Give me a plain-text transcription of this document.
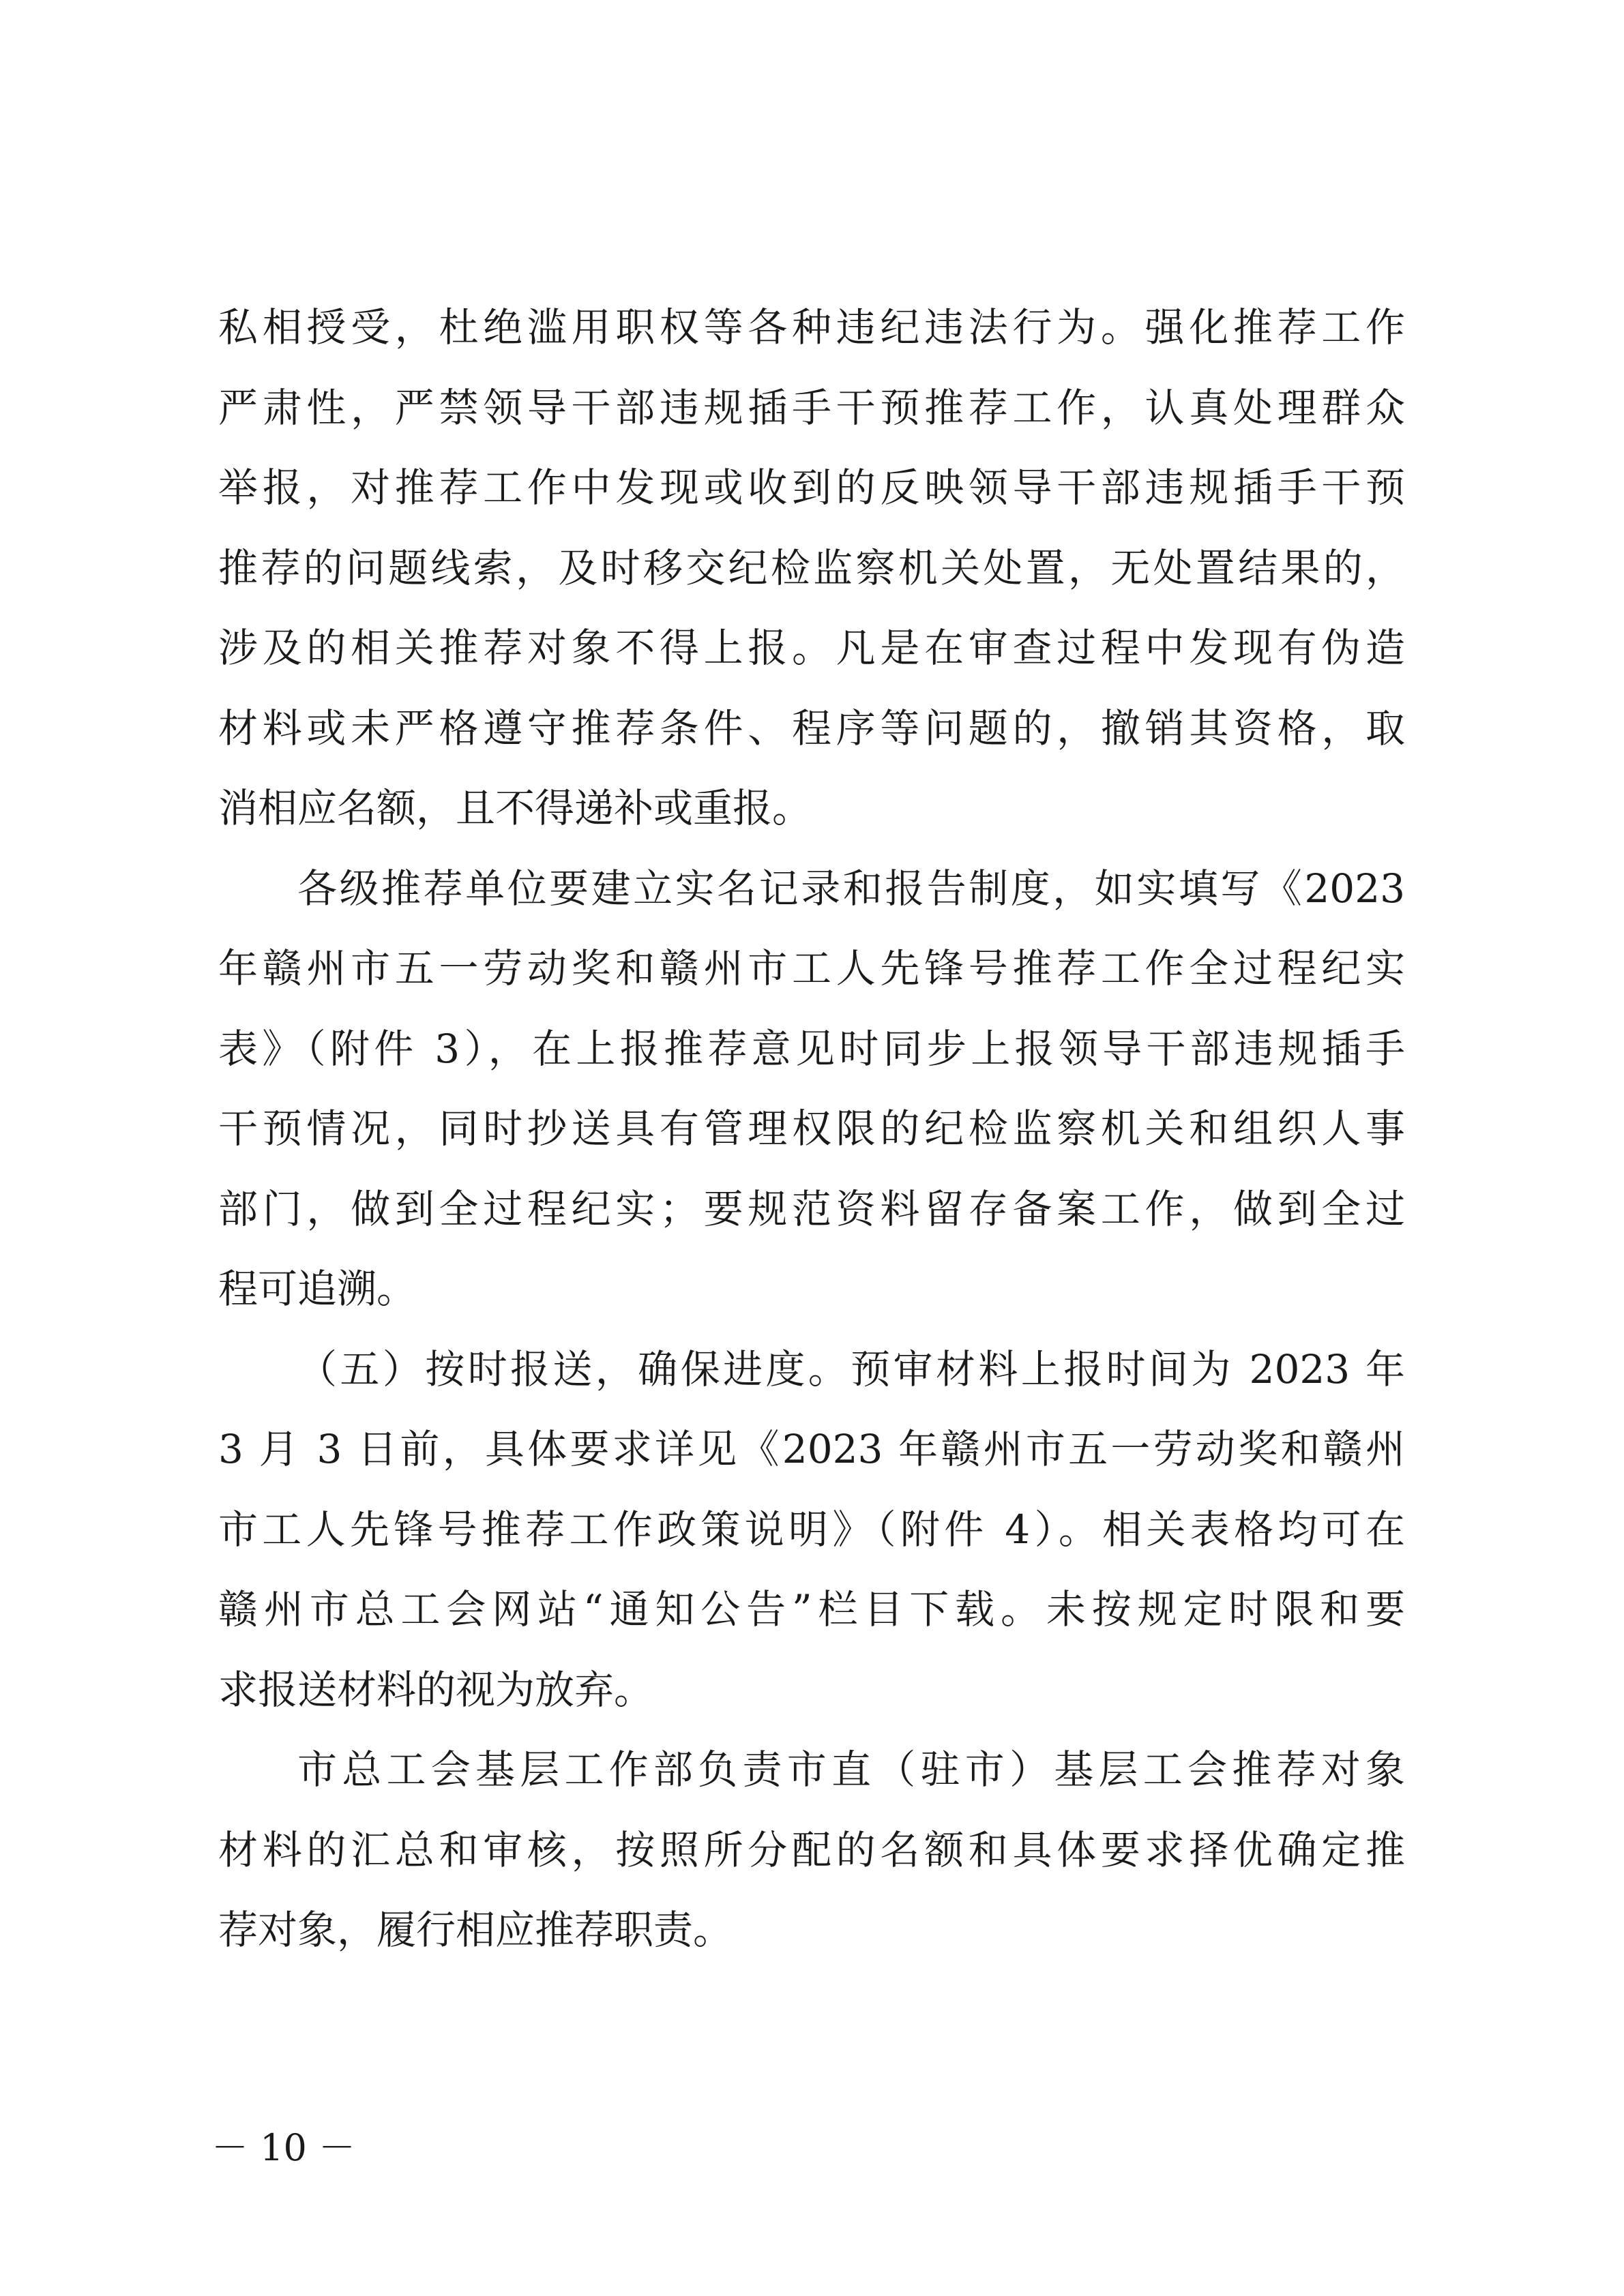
私相授受，杜绝滥用职权等各种违纪违法行为。强化推荐工作
严肃性，严禁领导干部违规插手干预推荐工作，认真处理群众
举报，对推荐工作中发现或收到的反映领导干部违规插手干预
推荐的问题线索，及时移交纪检监察机关处置，无处置结果的，
涉及的相关推荐对象不得上报。凡是在审查过程中发现有伪造
材料或未严格遵守推荐条件、程序等问题的，撤销其资格，取
消相应名额，且不得递补或重报。
各级推荐单位要建立实名记录和报告制度，如实填写《2023
年赣州市五一劳动奖和赣州市工人先锋号推荐工作全过程纪实
表》（附件 3），在上报推荐意见时同步上报领导干部违规插手
干预情况，同时抄送具有管理权限的纪检监察机关和组织人事
部门，做到全过程纪实；要规范资料留存备案工作，做到全过
程可追溯。
（五）按时报送，确保进度。预审材料上报时间为 2023 年
3 月 3 日前，具体要求详见《2023 年赣州市五一劳动奖和赣州
市工人先锋号推荐工作政策说明》（附件 4）。相关表格均可在
赣州市总工会网站“通知公告”栏目下载。未按规定时限和要
求报送材料的视为放弃。
市总工会基层工作部负责市直（驻市）基层工会推荐对象
材料的汇总和审核，按照所分配的名额和具体要求择优确定推
荐对象，履行相应推荐职责。
－ 10 －
